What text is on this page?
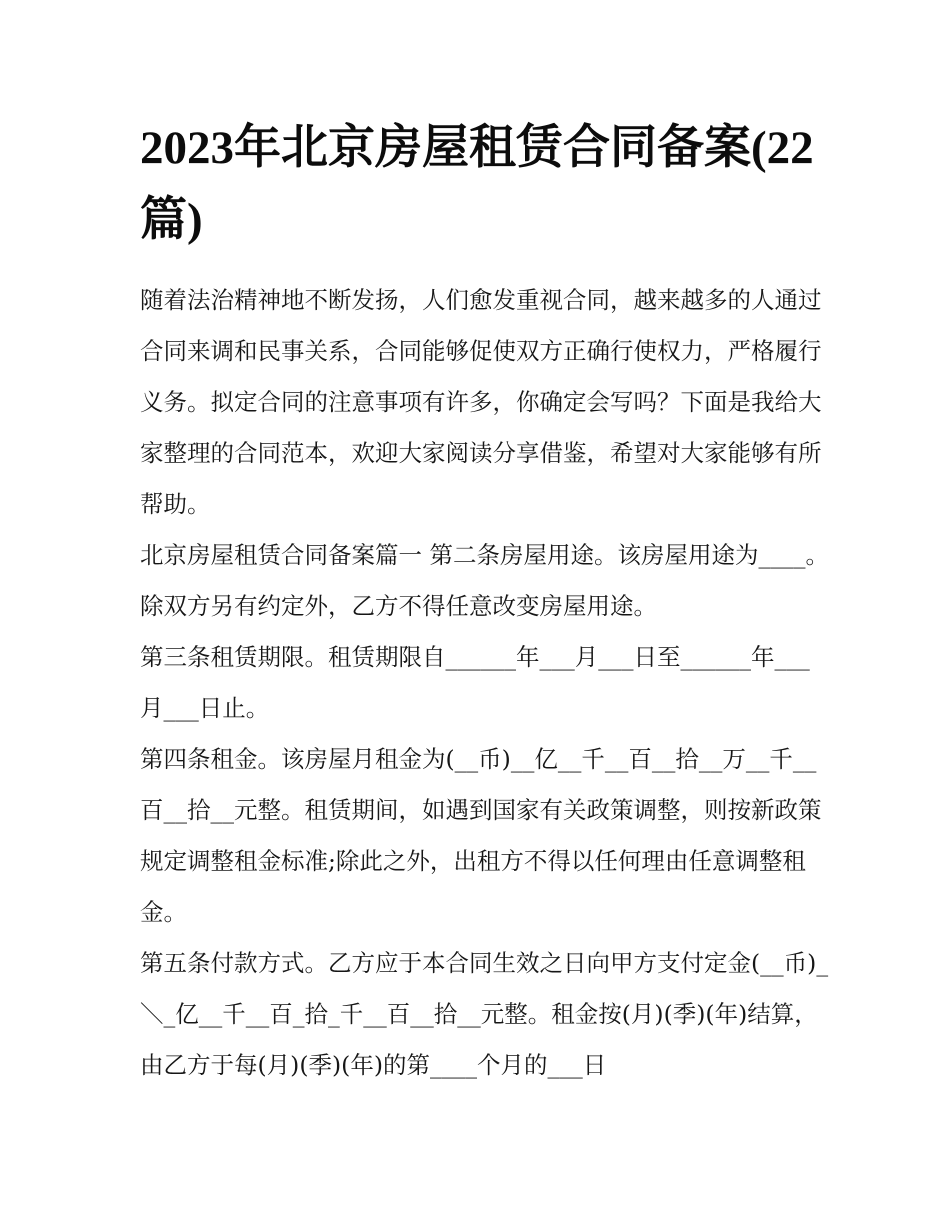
2023年北京房屋租赁合同备案(22篇)

随着法治精神地不断发扬，人们愈发重视合同，越来越多的人通过合同来调和民事关系，合同能够促使双方正确行使权力，严格履行义务。拟定合同的注意事项有许多，你确定会写吗？下面是我给大家整理的合同范本，欢迎大家阅读分享借鉴，希望对大家能够有所帮助。

北京房屋租赁合同备案篇一 第二条房屋用途。该房屋用途为____。除双方另有约定外，乙方不得任意改变房屋用途。

第三条租赁期限。租赁期限自______年___月___日至______年___月___日止。

第四条租金。该房屋月租金为(__币)__亿__千__百__拾__万__千__百__拾__元整。租赁期间，如遇到国家有关政策调整，则按新政策规定调整租金标准;除此之外，出租方不得以任何理由任意调整租金。

第五条付款方式。乙方应于本合同生效之日向甲方支付定金(__币)_＼_亿__千__百_拾_千__百__拾__元整。租金按(月)(季)(年)结算，由乙方于每(月)(季)(年)的第____个月的___日
